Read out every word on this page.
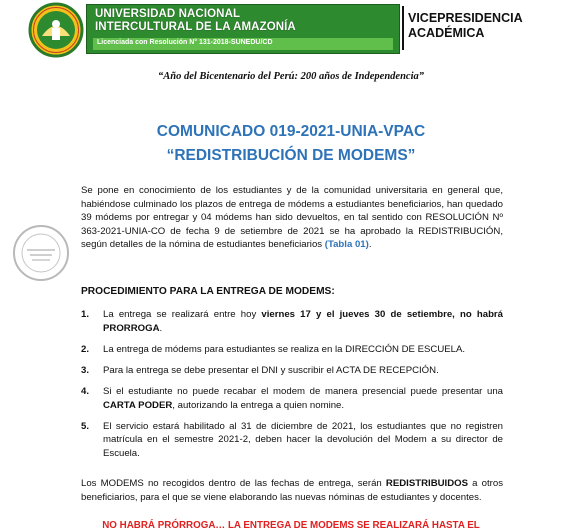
UNIVERSIDAD NACIONAL
INTERCULTURAL DE LA AMAZONÍA
Licenciada con Resolución N° 131-2018-SUNEDU/CD
VICEPRESIDENCIA
ACADÉMICA
“Año del Bicentenario del Perú: 200 años de Independencia”
COMUNICADO 019-2021-UNIA-VPAC
“REDISTRIBUCIÓN DE MODEMS”
Se pone en conocimiento de los estudiantes y de la comunidad universitaria en general que, habiéndose culminado los plazos de entrega de módems a estudiantes beneficiarios, han quedado 39 módems por entregar y 04 módems han sido devueltos, en tal sentido con RESOLUCIÓN Nº 363-2021-UNIA-CO de fecha 9 de setiembre de 2021 se ha aprobado la REDISTRIBUCIÓN, según detalles de la nómina de estudiantes beneficiarios (Tabla 01).
PROCEDIMIENTO PARA LA ENTREGA DE MODEMS:
1. La entrega se realizará entre hoy viernes 17 y el jueves 30 de setiembre, no habrá PRORROGA.
2. La entrega de módems para estudiantes se realiza en la DIRECCIÓN DE ESCUELA.
3. Para la entrega se debe presentar el DNI y suscribir el ACTA DE RECEPCIÓN.
4. Si el estudiante no puede recabar el modem de manera presencial puede presentar una CARTA PODER, autorizando la entrega a quien nomine.
5. El servicio estará habilitado al 31 de diciembre de 2021, los estudiantes que no registren matrícula en el semestre 2021-2, deben hacer la devolución del Modem a su director de Escuela.
Los MODEMS no recogidos dentro de las fechas de entrega, serán REDISTRIBUIDOS a otros beneficiarios, para el que se viene elaborando las nuevas nóminas de estudiantes y docentes.
NO HABRÁ PRÓRROGA… LA ENTREGA DE MODEMS SE REALIZARÁ HASTA EL
